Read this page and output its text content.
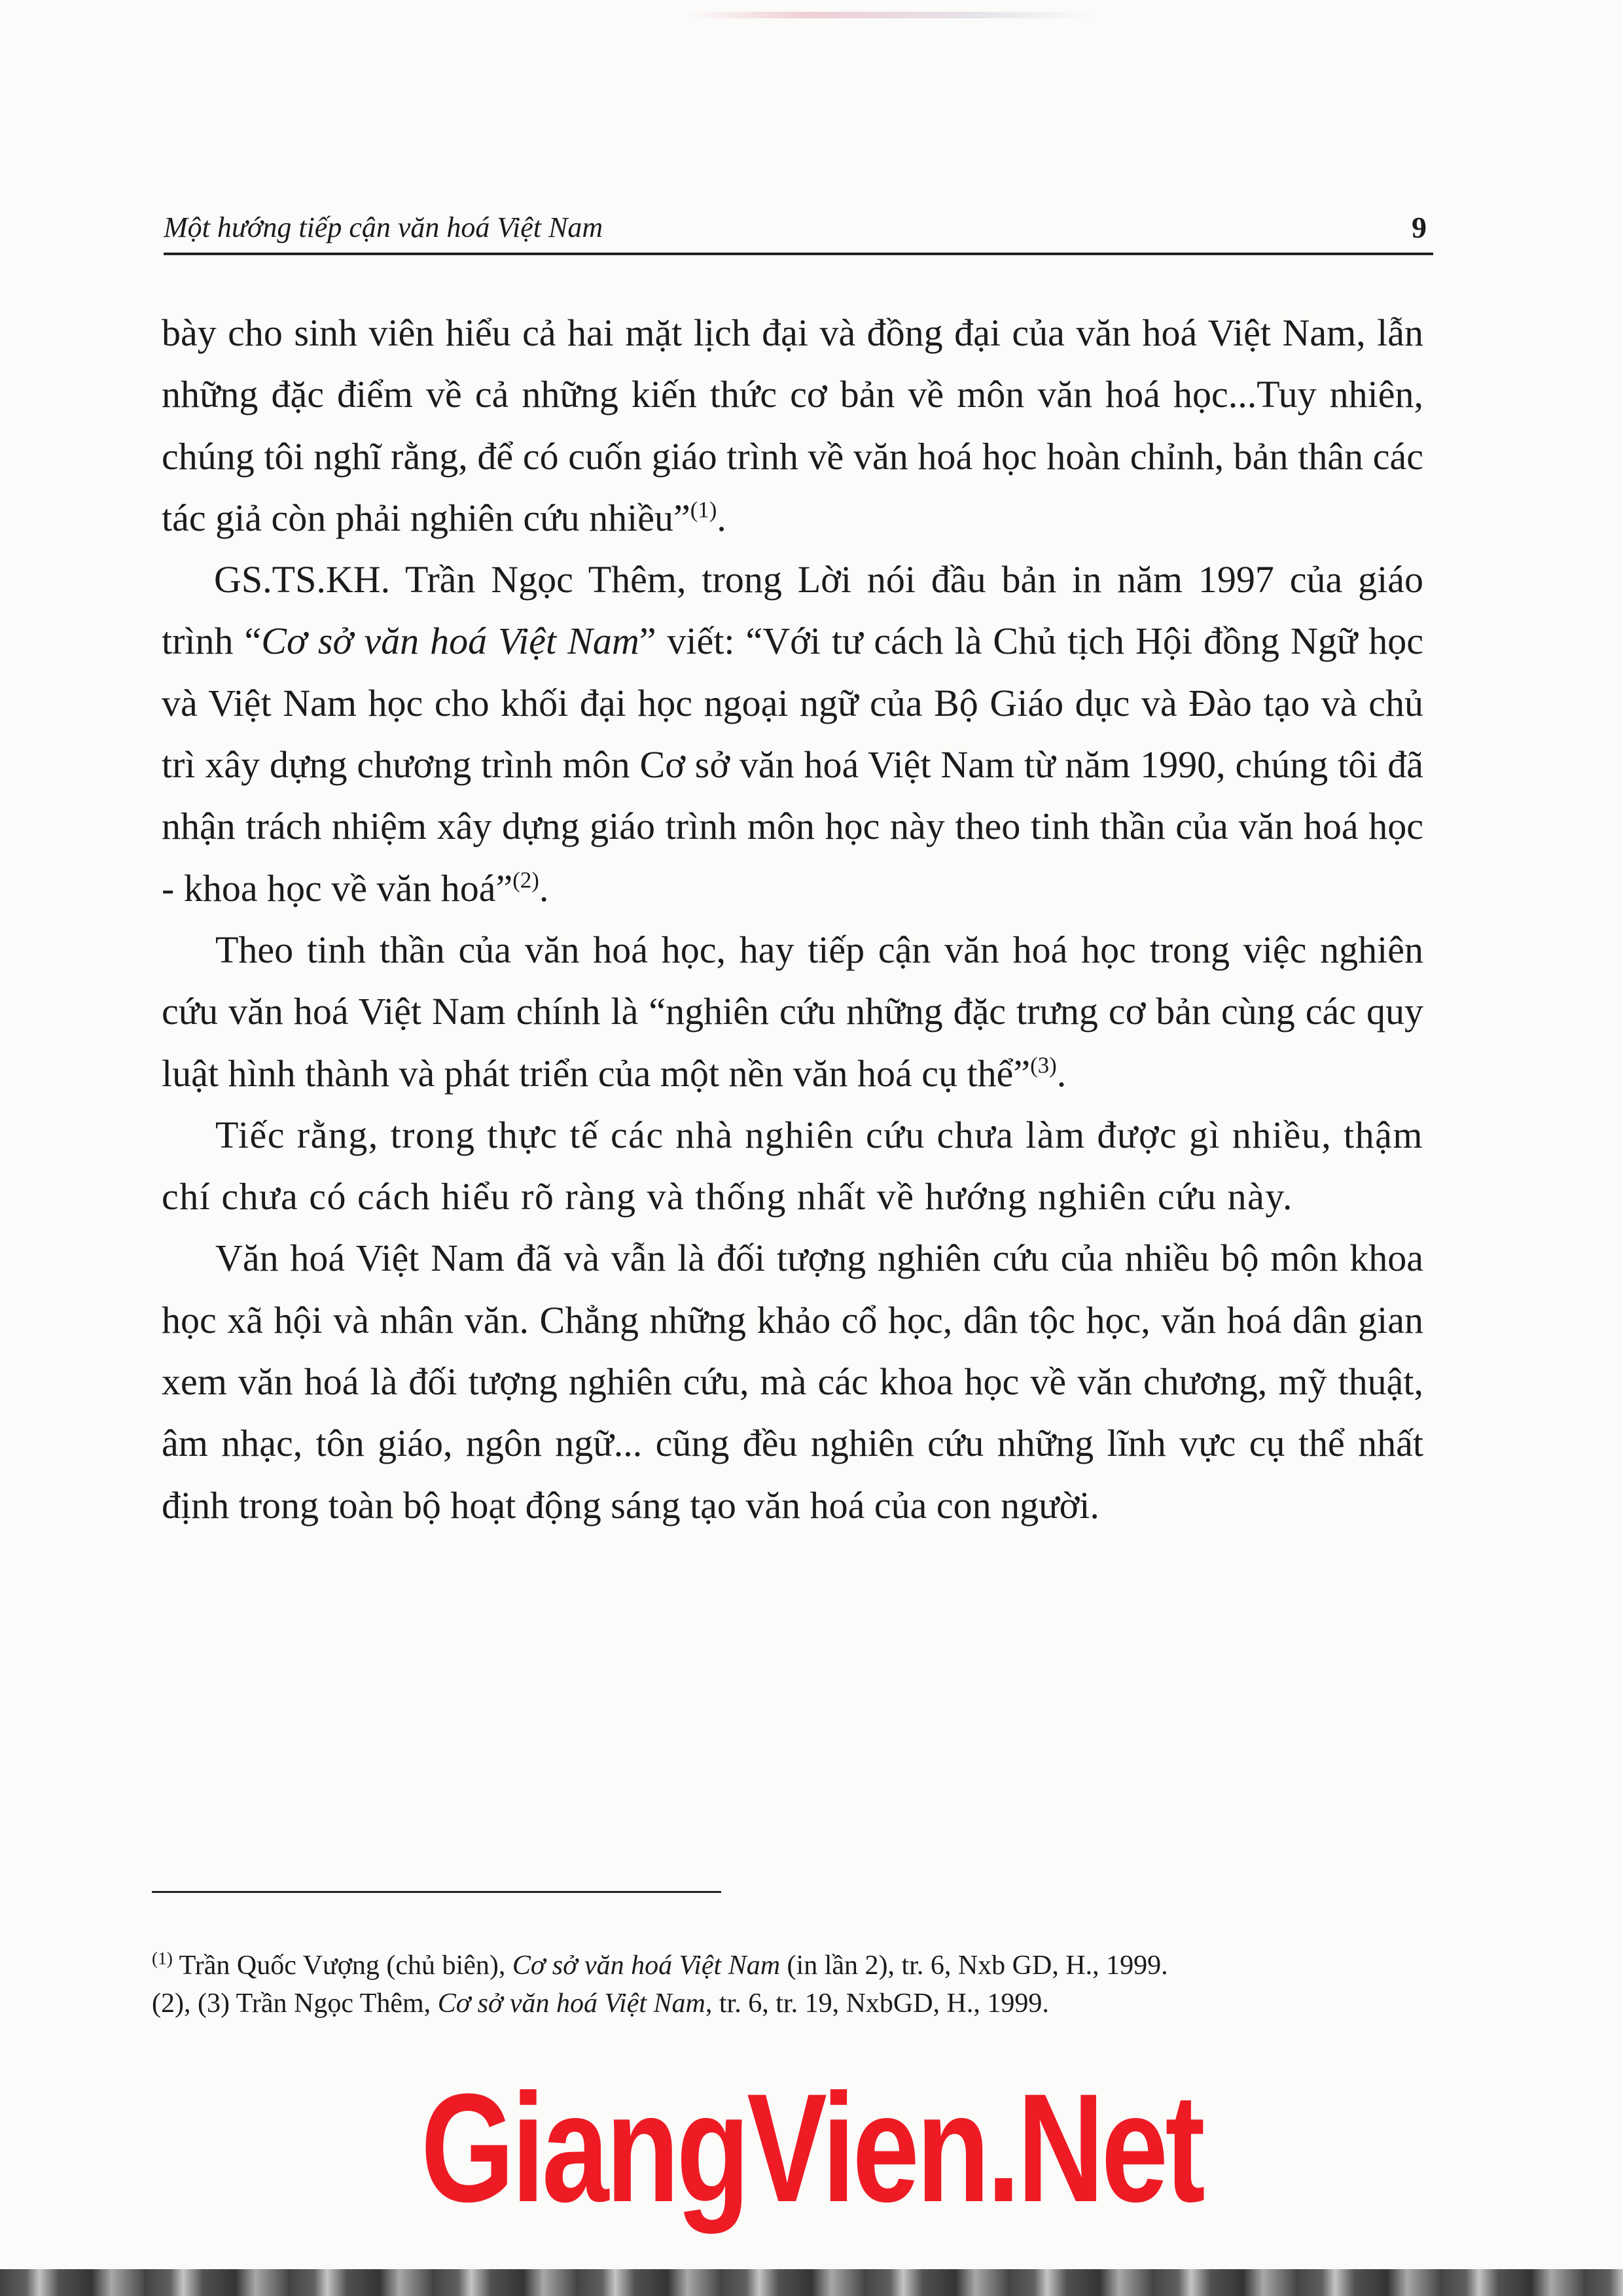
Một hướng tiếp cận văn hoá Việt Nam	9

bày cho sinh viên hiểu cả hai mặt lịch đại và đồng đại của văn hoá Việt Nam, lẫn những đặc điểm về cả những kiến thức cơ bản về môn văn hoá học...Tuy nhiên, chúng tôi nghĩ rằng, để có cuốn giáo trình về văn hoá học hoàn chỉnh, bản thân các tác giả còn phải nghiên cứu nhiều”$^{(1)}$.

GS.TS.KH. Trần Ngọc Thêm, trong Lời nói đầu bản in năm 1997 của giáo trình “Cơ sở văn hoá Việt Nam” viết: “Với tư cách là Chủ tịch Hội đồng Ngữ học và Việt Nam học cho khối đại học ngoại ngữ của Bộ Giáo dục và Đào tạo và chủ trì xây dựng chương trình môn Cơ sở văn hoá Việt Nam từ năm 1990, chúng tôi đã nhận trách nhiệm xây dựng giáo trình môn học này theo tinh thần của văn hoá học - khoa học về văn hoá”$^{(2)}$.

Theo tinh thần của văn hoá học, hay tiếp cận văn hoá học trong việc nghiên cứu văn hoá Việt Nam chính là “nghiên cứu những đặc trưng cơ bản cùng các quy luật hình thành và phát triển của một nền văn hoá cụ thể”$^{(3)}$.

Tiếc rằng, trong thực tế các nhà nghiên cứu chưa làm được gì nhiều, thậm chí chưa có cách hiểu rõ ràng và thống nhất về hướng nghiên cứu này.

Văn hoá Việt Nam đã và vẫn là đối tượng nghiên cứu của nhiều bộ môn khoa học xã hội và nhân văn. Chẳng những khảo cổ học, dân tộc học, văn hoá dân gian xem văn hoá là đối tượng nghiên cứu, mà các khoa học về văn chương, mỹ thuật, âm nhạc, tôn giáo, ngôn ngữ... cũng đều nghiên cứu những lĩnh vực cụ thể nhất định trong toàn bộ hoạt động sáng tạo văn hoá của con người.

$^{(1)}$ Trần Quốc Vượng (chủ biên), Cơ sở văn hoá Việt Nam (in lần 2), tr. 6, Nxb GD, H., 1999.

(2), (3) Trần Ngọc Thêm, Cơ sở văn hoá Việt Nam, tr. 6, tr. 19, NxbGD, H., 1999.

GiangVien.Net
